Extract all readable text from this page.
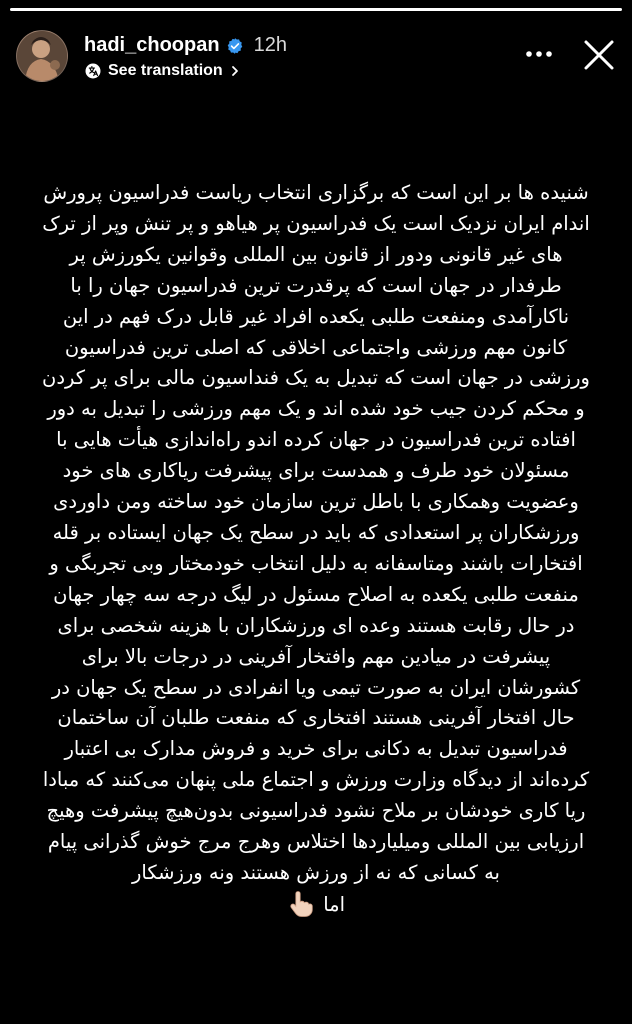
hadi_choopan 12h
See translation
شنیده ها بر این است که برگزاری انتخاب ریاست فدراسیون پرورش
اندام ایران نزدیک است یک فدراسیون پر هیاهو و پر تنش وپر از ترک
های غیر قانونی ودور از قانون بین المللی وقوانین یکورزش پر
طرفدار در جهان است که پرقدرت ترین فدراسیون جهان را با
ناکارآمدی ومنفعت طلبی یکعده افراد غیر قابل درک فهم در این
کانون مهم ورزشی واجتماعی اخلاقی که اصلی ترین فدراسیون
ورزشی در جهان است که تبدیل به یک فنداسیون مالی برای پر کردن
و محکم کردن جیب خود شده اند و یک مهم ورزشی را تبدیل به دور
افتاده ترین فدراسیون در جهان کرده اندو راه‌اندازی هیأت هایی با
مسئولان خود طرف و همدست برای پیشرفت ریاکاری های خود
وعضویت وهمکاری با باطل ترین سازمان خود ساخته ومن داوردی
ورزشکاران پر استعدادی که باید در سطح یک جهان ایستاده بر قله
افتخارات باشند ومتاسفانه به دلیل انتخاب خودمختار وبی تجربگی و
منفعت طلبی یکعده به اصلاح مسئول در لیگ درجه سه چهار جهان
در حال رقابت هستند وعده ای ورزشکاران با هزینه شخصی برای
پیشرفت در میادین مهم وافتخار آفرینی در درجات بالا برای
کشورشان ایران به صورت تیمی ویا انفرادی در سطح یک جهان در
حال افتخار آفرینی هستند افتخاری که منفعت طلبان آن ساختمان
فدراسیون تبدیل به دکانی برای خرید و فروش مدارک بی اعتبار
کرده‌اند از دیدگاه وزارت ورزش و اجتماع ملی پنهان می‌کنند که مبادا
ریا کاری خودشان بر ملاح نشود فدراسیونی بدون‌هیچ پیشرفت وهیچ
ارزیابی بین المللی ومیلیاردها اختلاس وهرج مرج خوش گذرانی پیام
به کسانی که نه از ورزش هستند ونه ورزشکار
اما
